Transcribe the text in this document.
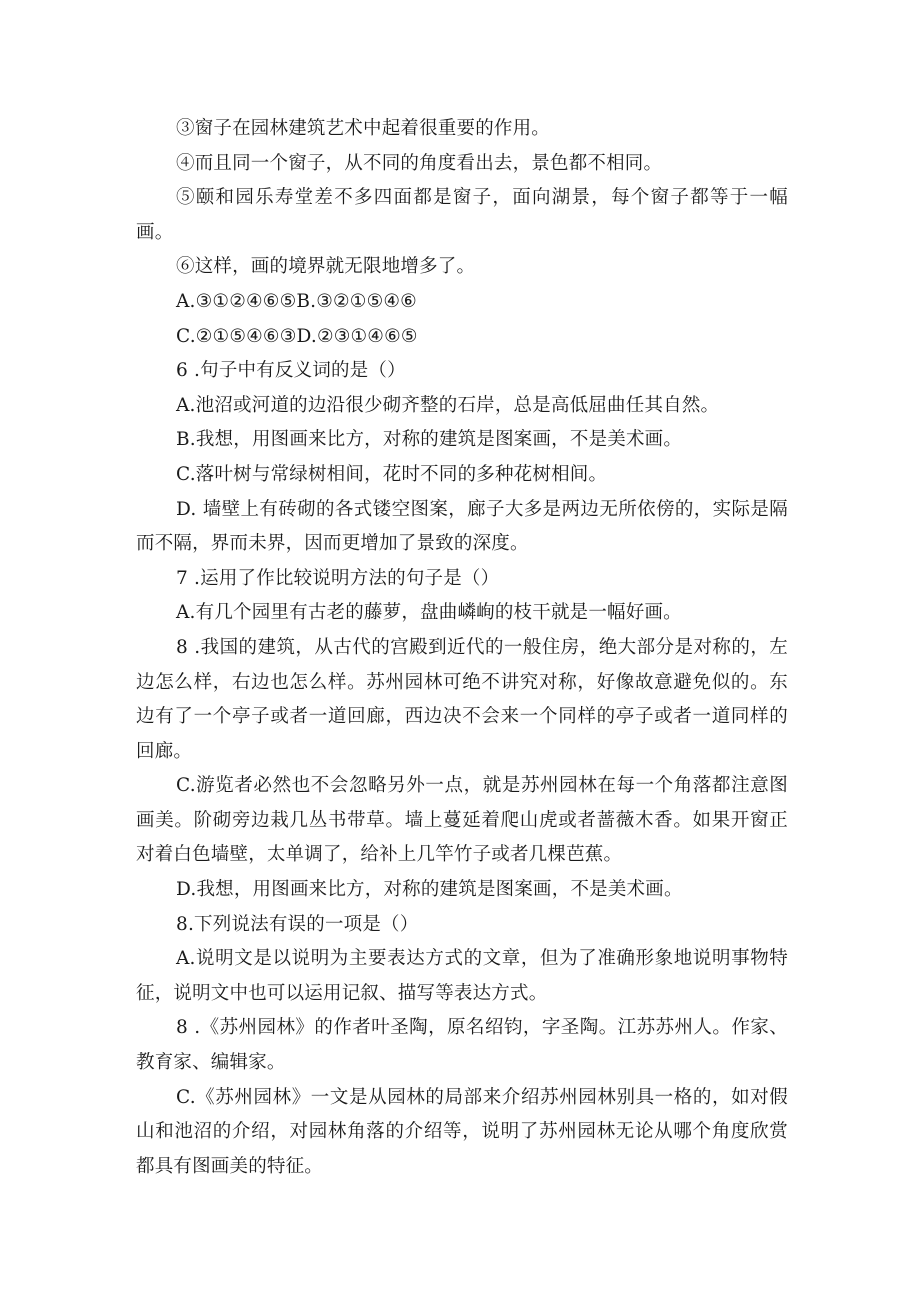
③窗子在园林建筑艺术中起着很重要的作用。

④而且同一个窗子，从不同的角度看出去，景色都不相同。

⑤颐和园乐寿堂差不多四面都是窗子，面向湖景，每个窗子都等于一幅画。

⑥这样，画的境界就无限地增多了。

A.③①②④⑥⑤B.③②①⑤④⑥

C.②①⑤④⑥③D.②③①④⑥⑤

6 .句子中有反义词的是（）

A.池沼或河道的边沿很少砌齐整的石岸，总是高低屈曲任其自然。

B.我想，用图画来比方，对称的建筑是图案画，不是美术画。

C.落叶树与常绿树相间，花时不同的多种花树相间。

D. 墙壁上有砖砌的各式镂空图案，廊子大多是两边无所依傍的，实际是隔而不隔，界而未界，因而更增加了景致的深度。

7 .运用了作比较说明方法的句子是（）

A.有几个园里有古老的藤萝，盘曲嶙峋的枝干就是一幅好画。

8 .我国的建筑，从古代的宫殿到近代的一般住房，绝大部分是对称的，左边怎么样，右边也怎么样。苏州园林可绝不讲究对称，好像故意避免似的。东边有了一个亭子或者一道回廊，西边决不会来一个同样的亭子或者一道同样的回廊。

C.游览者必然也不会忽略另外一点，就是苏州园林在每一个角落都注意图画美。阶砌旁边栽几丛书带草。墙上蔓延着爬山虎或者蔷薇木香。如果开窗正对着白色墙壁，太单调了，给补上几竿竹子或者几棵芭蕉。

D.我想，用图画来比方，对称的建筑是图案画，不是美术画。

8.下列说法有误的一项是（）

A.说明文是以说明为主要表达方式的文章，但为了准确形象地说明事物特征，说明文中也可以运用记叙、描写等表达方式。

8 .《苏州园林》的作者叶圣陶，原名绍钧，字圣陶。江苏苏州人。作家、教育家、编辑家。

C.《苏州园林》一文是从园林的局部来介绍苏州园林别具一格的，如对假山和池沼的介绍，对园林角落的介绍等，说明了苏州园林无论从哪个角度欣赏都具有图画美的特征。
